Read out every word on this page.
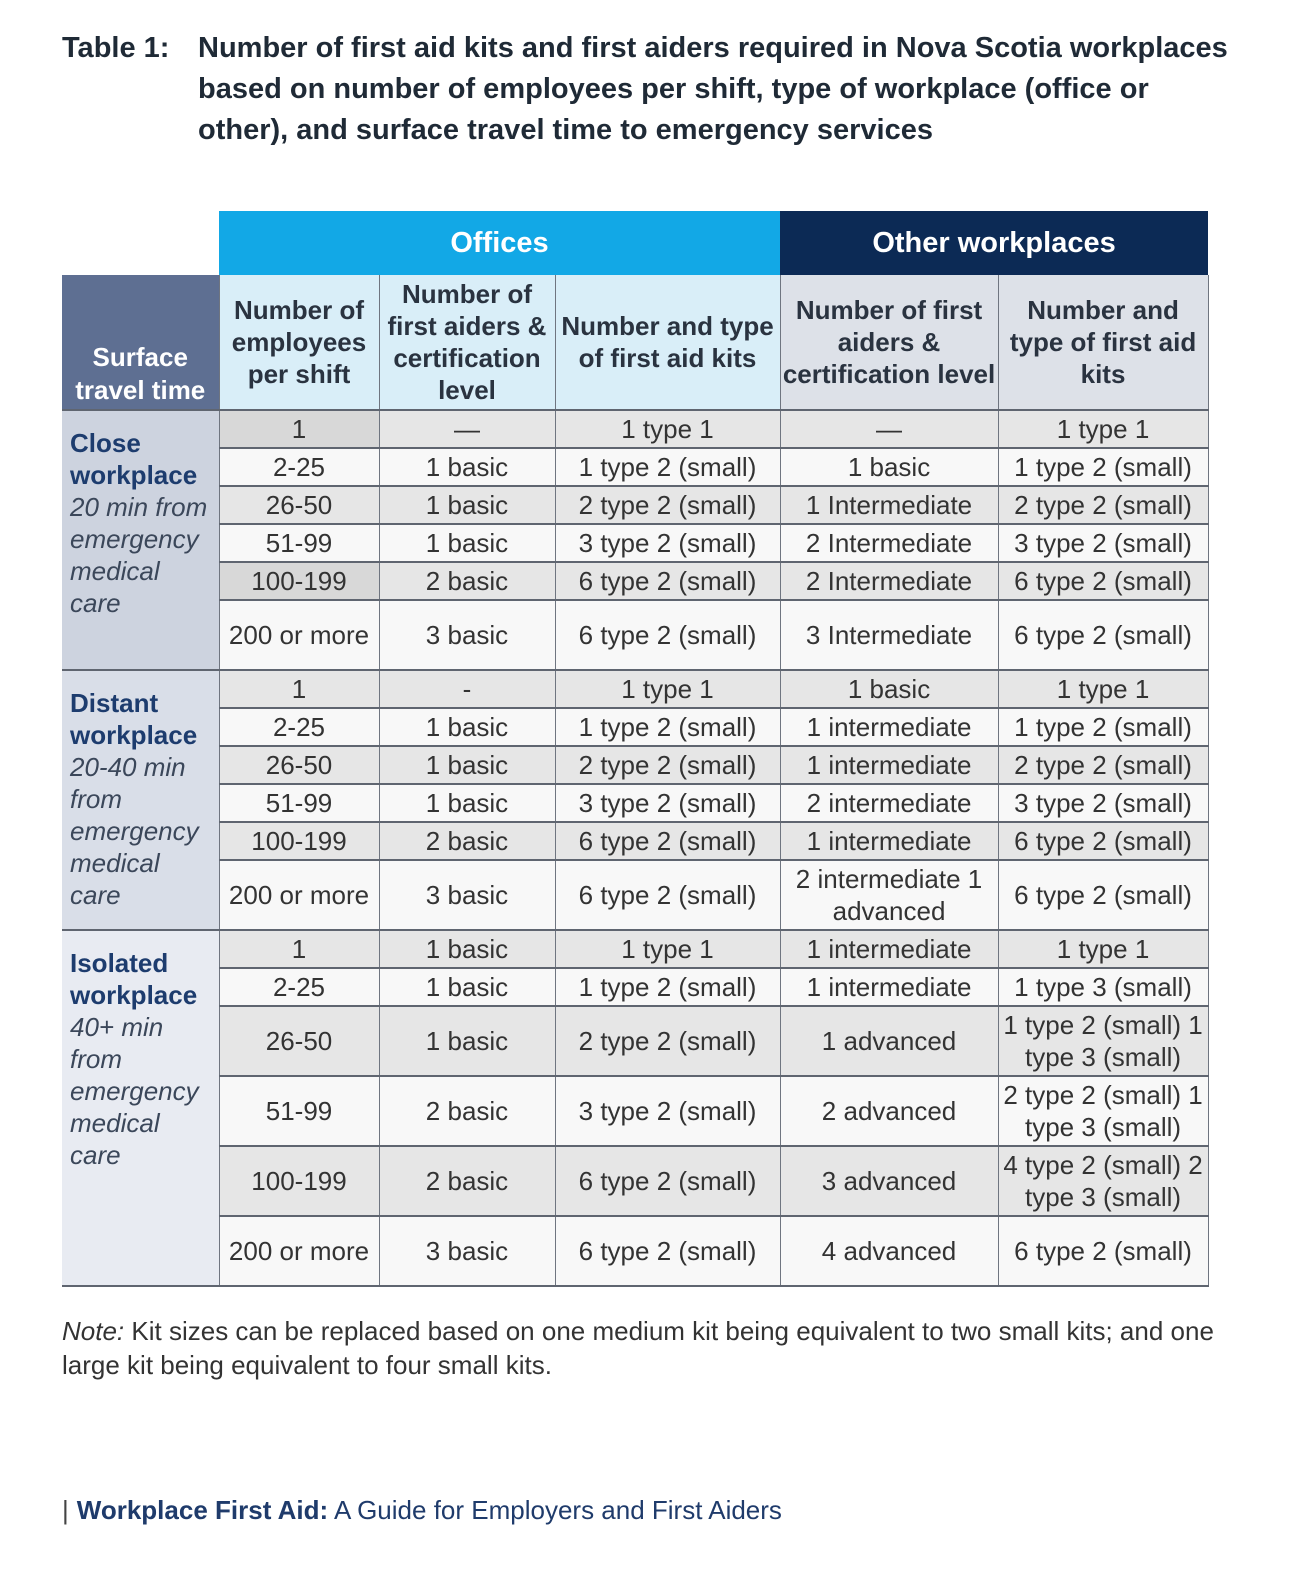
Table 1: Number of first aid kits and first aiders required in Nova Scotia workplaces based on number of employees per shift, type of workplace (office or other), and surface travel time to emergency services
	Offices			Other workplaces	
Surface travel time	Number of employees per shift	Number of first aiders & certification level	Number and type of first aid kits	Number of first aiders & certification level	Number and type of first aid kits

Close workplace
20 min from emergency medical care	1	—	1 type 1	—	1 type 1
	2-25	1 basic	1 type 2 (small)	1 basic	1 type 2 (small)
	26-50	1 basic	2 type 2 (small)	1 Intermediate	2 type 2 (small)
	51-99	1 basic	3 type 2 (small)	2 Intermediate	3 type 2 (small)
	100-199	2 basic	6 type 2 (small)	2 Intermediate	6 type 2 (small)
	200 or more	3 basic	6 type 2 (small)	3 Intermediate	6 type 2 (small)

Distant workplace
20-40 min from emergency medical care	1	-	1 type 1	1 basic	1 type 1
	2-25	1 basic	1 type 2 (small)	1 intermediate	1 type 2 (small)
	26-50	1 basic	2 type 2 (small)	1 intermediate	2 type 2 (small)
	51-99	1 basic	3 type 2 (small)	2 intermediate	3 type 2 (small)
	100-199	2 basic	6 type 2 (small)	1 intermediate	6 type 2 (small)
	200 or more	3 basic	6 type 2 (small)	2 intermediate 1 advanced	6 type 2 (small)

Isolated workplace
40+ min from emergency medical care	1	1 basic	1 type 1	1 intermediate	1 type 1
	2-25	1 basic	1 type 2 (small)	1 intermediate	1 type 3 (small)
	26-50	1 basic	2 type 2 (small)	1 advanced	1 type 2 (small) 1 type 3 (small)
	51-99	2 basic	3 type 2 (small)	2 advanced	2 type 2 (small) 1 type 3 (small)
	100-199	2 basic	6 type 2 (small)	3 advanced	4 type 2 (small) 2 type 3 (small)
	200 or more	3 basic	6 type 2 (small)	4 advanced	6 type 2 (small)
Note: Kit sizes can be replaced based on one medium kit being equivalent to two small kits; and one large kit being equivalent to four small kits.
| Workplace First Aid: A Guide for Employers and First Aiders
